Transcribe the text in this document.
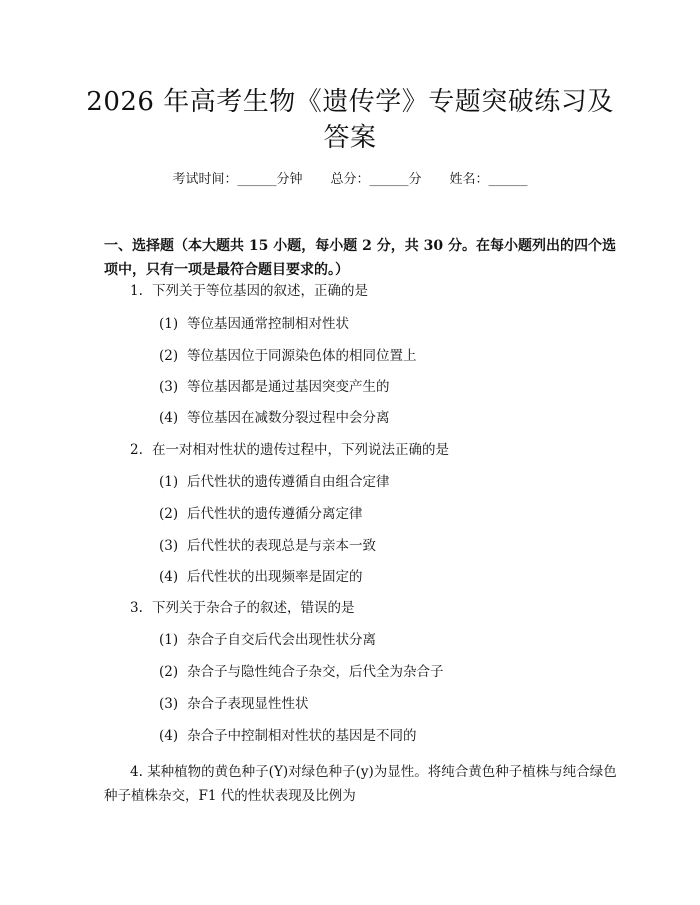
2026 年高考生物《遗传学》专题突破练习及
答案
考试时间：______分钟 总分：______分 姓名：______
一、选择题（本大题共 15 小题，每小题 2 分，共 30 分。在每小题列出的四个选项中，只有一项是最符合题目要求的。）
1. 下列关于等位基因的叙述，正确的是
(1) 等位基因通常控制相对性状
(2) 等位基因位于同源染色体的相同位置上
(3) 等位基因都是通过基因突变产生的
(4) 等位基因在减数分裂过程中会分离
2. 在一对相对性状的遗传过程中，下列说法正确的是
(1) 后代性状的遗传遵循自由组合定律
(2) 后代性状的遗传遵循分离定律
(3) 后代性状的表现总是与亲本一致
(4) 后代性状的出现频率是固定的
3. 下列关于杂合子的叙述，错误的是
(1) 杂合子自交后代会出现性状分离
(2) 杂合子与隐性纯合子杂交，后代全为杂合子
(3) 杂合子表现显性性状
(4) 杂合子中控制相对性状的基因是不同的
4. 某种植物的黄色种子(Y)对绿色种子(y)为显性。将纯合黄色种子植株与纯合绿色种子植株杂交，F1 代的性状表现及比例为
